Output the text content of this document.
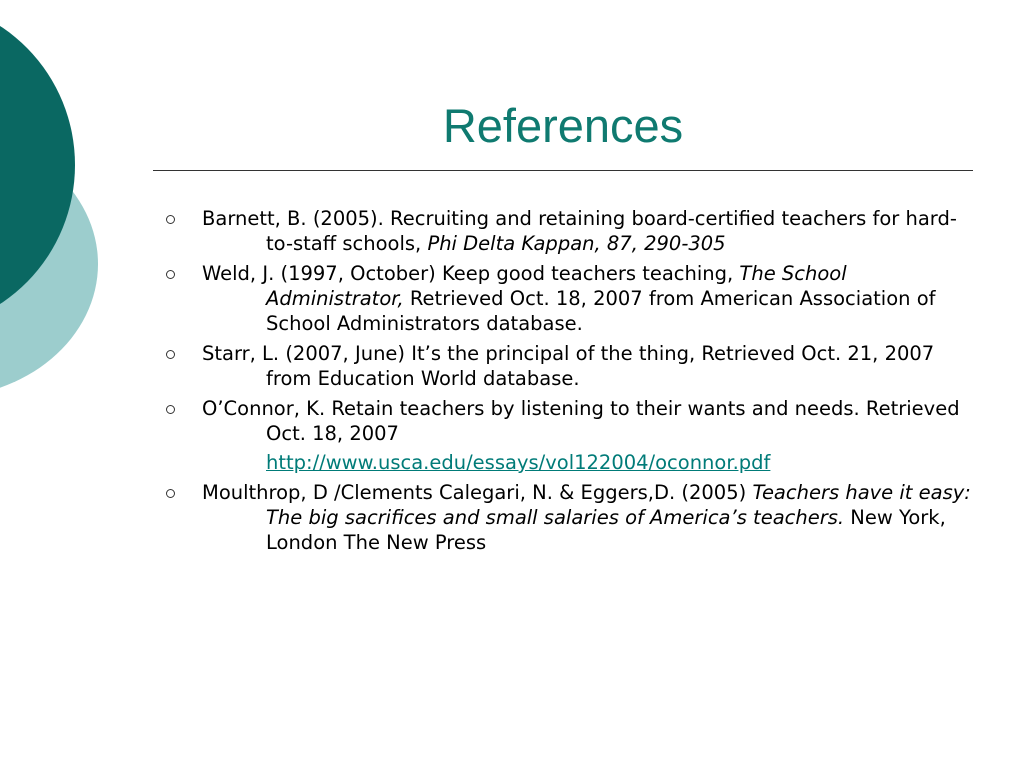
References
Barnett, B. (2005). Recruiting and retaining board-certified teachers for hard-to-staff schools, Phi Delta Kappan, 87, 290-305
Weld, J. (1997, October) Keep good teachers teaching, The School Administrator, Retrieved Oct. 18, 2007 from American Association of School Administrators database.
Starr, L. (2007, June) It’s the principal of the thing, Retrieved Oct. 21, 2007 from Education World database.
O’Connor, K. Retain teachers by listening to their wants and needs. Retrieved Oct. 18, 2007
http://www.usca.edu/essays/vol122004/oconnor.pdf
Moulthrop, D /Clements Calegari, N. & Eggers,D. (2005) Teachers have it easy: The big sacrifices and small salaries of America’s teachers. New York, London The New Press
